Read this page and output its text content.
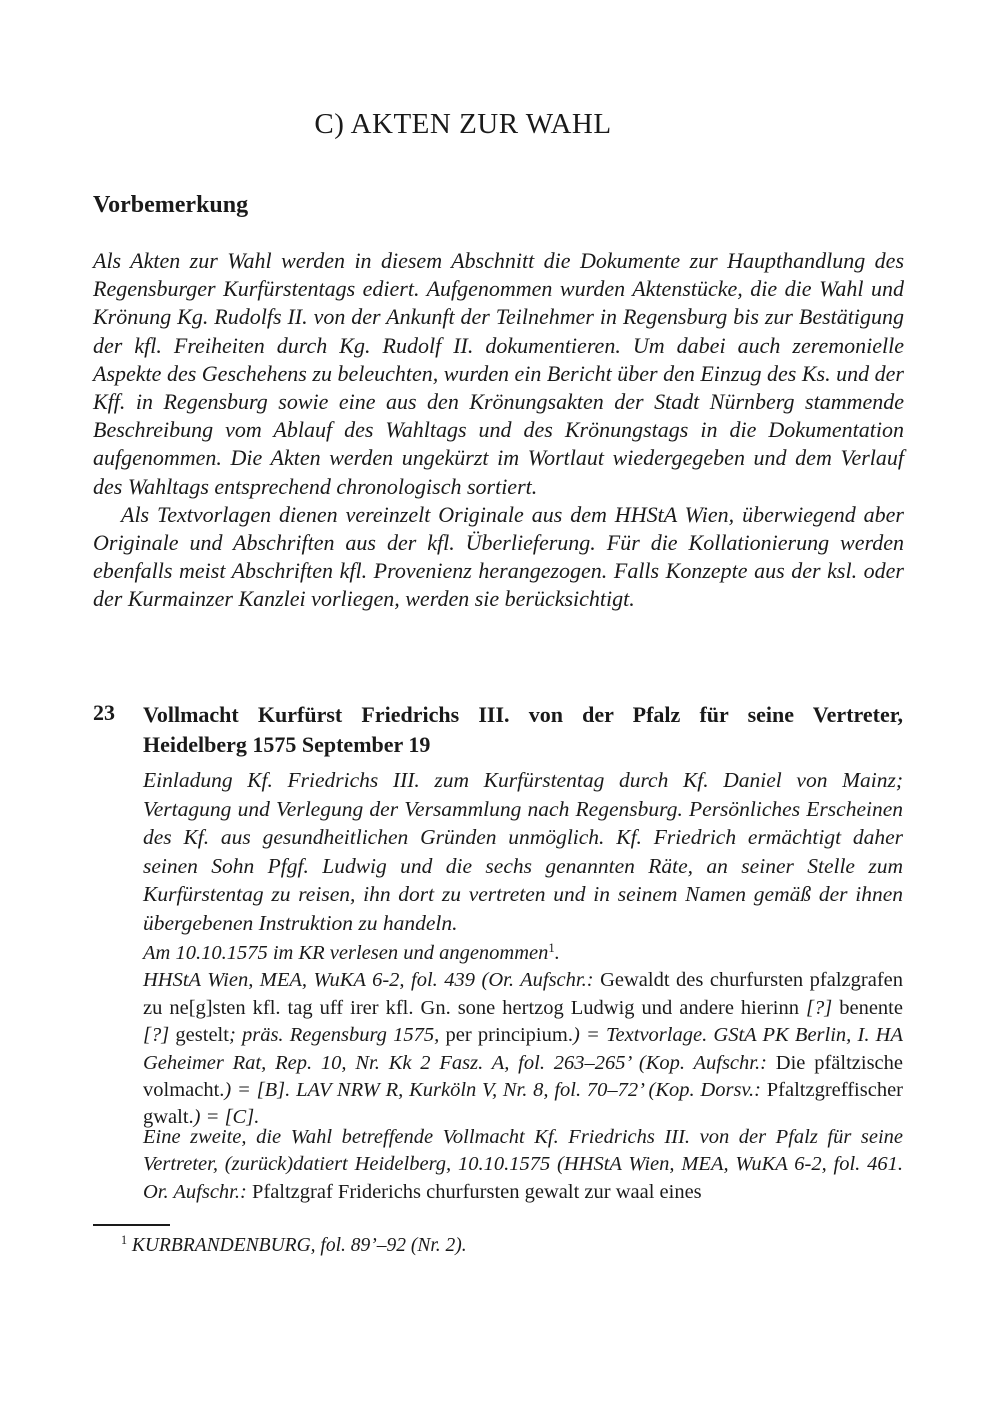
C) AKTEN ZUR WAHL
Vorbemerkung

Als Akten zur Wahl werden in diesem Abschnitt die Dokumente zur Haupthandlung des Regensburger Kurfürstentags ediert. Aufgenommen wurden Aktenstücke, die die Wahl und Krönung Kg. Rudolfs II. von der Ankunft der Teilnehmer in Regensburg bis zur Bestätigung der kfl. Freiheiten durch Kg. Rudolf II. dokumentieren. Um dabei auch zeremonielle Aspekte des Geschehens zu beleuchten, wurden ein Bericht über den Einzug des Ks. und der Kff. in Regensburg sowie eine aus den Krönungsakten der Stadt Nürnberg stammende Beschreibung vom Ablauf des Wahltags und des Krönungstags in die Dokumentation aufgenommen. Die Akten werden ungekürzt im Wortlaut wiedergegeben und dem Verlauf des Wahltags entsprechend chronologisch sortiert.

Als Textvorlagen dienen vereinzelt Originale aus dem HHStA Wien, überwiegend aber Originale und Abschriften aus der kfl. Überlieferung. Für die Kollationierung werden ebenfalls meist Abschriften kfl. Provenienz herangezogen. Falls Konzepte aus der ksl. oder der Kurmainzer Kanzlei vorliegen, werden sie berücksichtigt.

23 Vollmacht Kurfürst Friedrichs III. von der Pfalz für seine Vertreter,
Heidelberg 1575 September 19
Einladung Kf. Friedrichs III. zum Kurfürstentag durch Kf. Daniel von Mainz; Vertagung und Verlegung der Versammlung nach Regensburg. Persönliches Erscheinen des Kf. aus gesundheitlichen Gründen unmöglich. Kf. Friedrich ermächtigt daher seinen Sohn Pfgf. Ludwig und die sechs genannten Räte, an seiner Stelle zum Kurfürstentag zu reisen, ihn dort zu vertreten und in seinem Namen gemäß der ihnen übergebenen Instruktion zu handeln.

Am 10.10.1575 im KR verlesen und angenommen$^1$.

HHStA Wien, MEA, WuKA 6-2, fol. 439 (Or. Aufschr.: Gewaldt des churfursten pfalzgrafen zu ne[g]sten kfl. tag uff irer kfl. Gn. sone hertzog Ludwig und andere hierinn [?] benente [?] gestelt; präs. Regensburg 1575, per principium.) = Textvorlage. GStA PK Berlin, I. HA Geheimer Rat, Rep. 10, Nr. Kk 2 Fasz. A, fol. 263–265’ (Kop. Aufschr.: Die pfältzische volmacht.) = [B]. LAV NRW R, Kurköln V, Nr. 8, fol. 70–72’ (Kop. Dorsv.: Pfaltzgreffischer gwalt.) = [C].

Eine zweite, die Wahl betreffende Vollmacht Kf. Friedrichs III. von der Pfalz für seine Vertreter, (zurück)datiert Heidelberg, 10.10.1575 (HHStA Wien, MEA, WuKA 6-2, fol. 461. Or. Aufschr.: Pfaltzgraf Friderichs churfursten gewalt zur waal eines
$^1$ KURBRANDENBURG, fol. 89’–92 (Nr. 2).
